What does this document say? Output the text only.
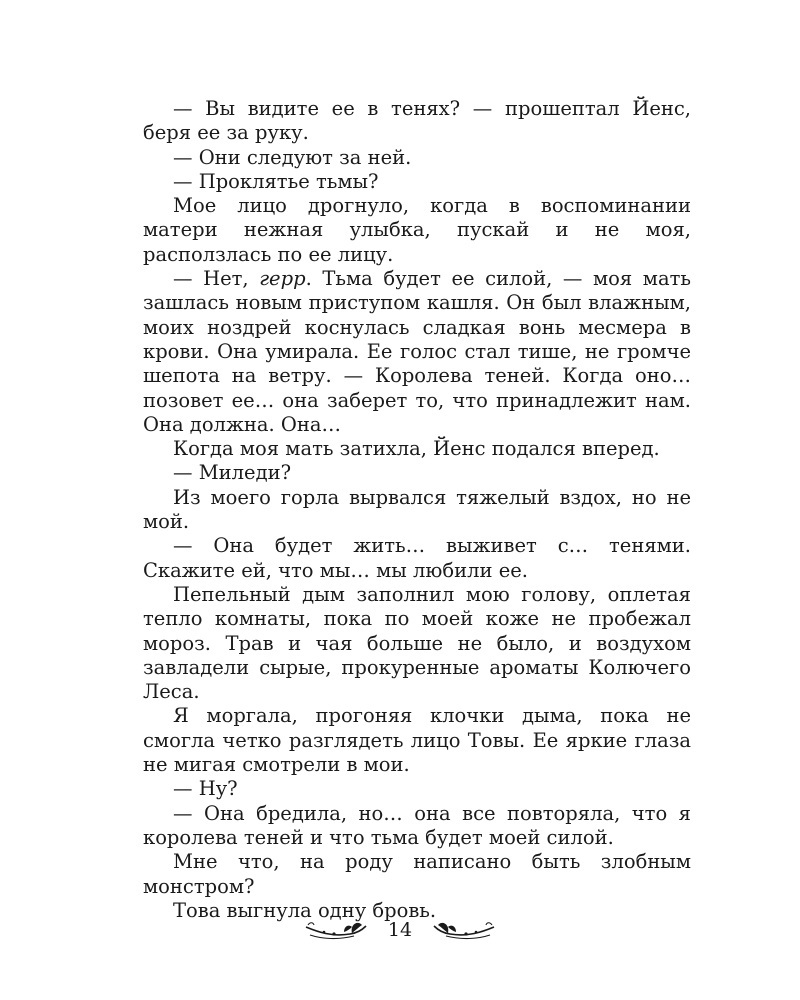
— Вы видите ее в тенях? — прошептал Йенс, беря ее за руку.

— Они следуют за ней.

— Проклятье тьмы?

Мое лицо дрогнуло, когда в воспоминании матери нежная улыбка, пускай и не моя, расползлась по ее лицу.

— Нет, герр. Тьма будет ее силой, — моя мать зашлась новым приступом кашля. Он был влажным, моих ноздрей коснулась сладкая вонь месмера в крови. Она умирала. Ее голос стал тише, не громче шепота на ветру. — Королева теней. Когда оно… позовет ее… она заберет то, что принадлежит нам. Она должна. Она…

Когда моя мать затихла, Йенс подался вперед.

— Миледи?

Из моего горла вырвался тяжелый вздох, но не мой.

— Она будет жить… выживет с… тенями. Скажите ей, что мы… мы любили ее.

Пепельный дым заполнил мою голову, оплетая тепло комнаты, пока по моей коже не пробежал мороз. Трав и чая больше не было, и воздухом завладели сырые, прокуренные ароматы Колючего Леса.

Я моргала, прогоняя клочки дыма, пока не смогла четко разглядеть лицо Товы. Ее яркие глаза не мигая смотрели в мои.

— Ну?

— Она бредила, но… она все повторяла, что я королева теней и что тьма будет моей силой.

Мне что, на роду написано быть злобным монстром?

Това выгнула одну бровь.

14
